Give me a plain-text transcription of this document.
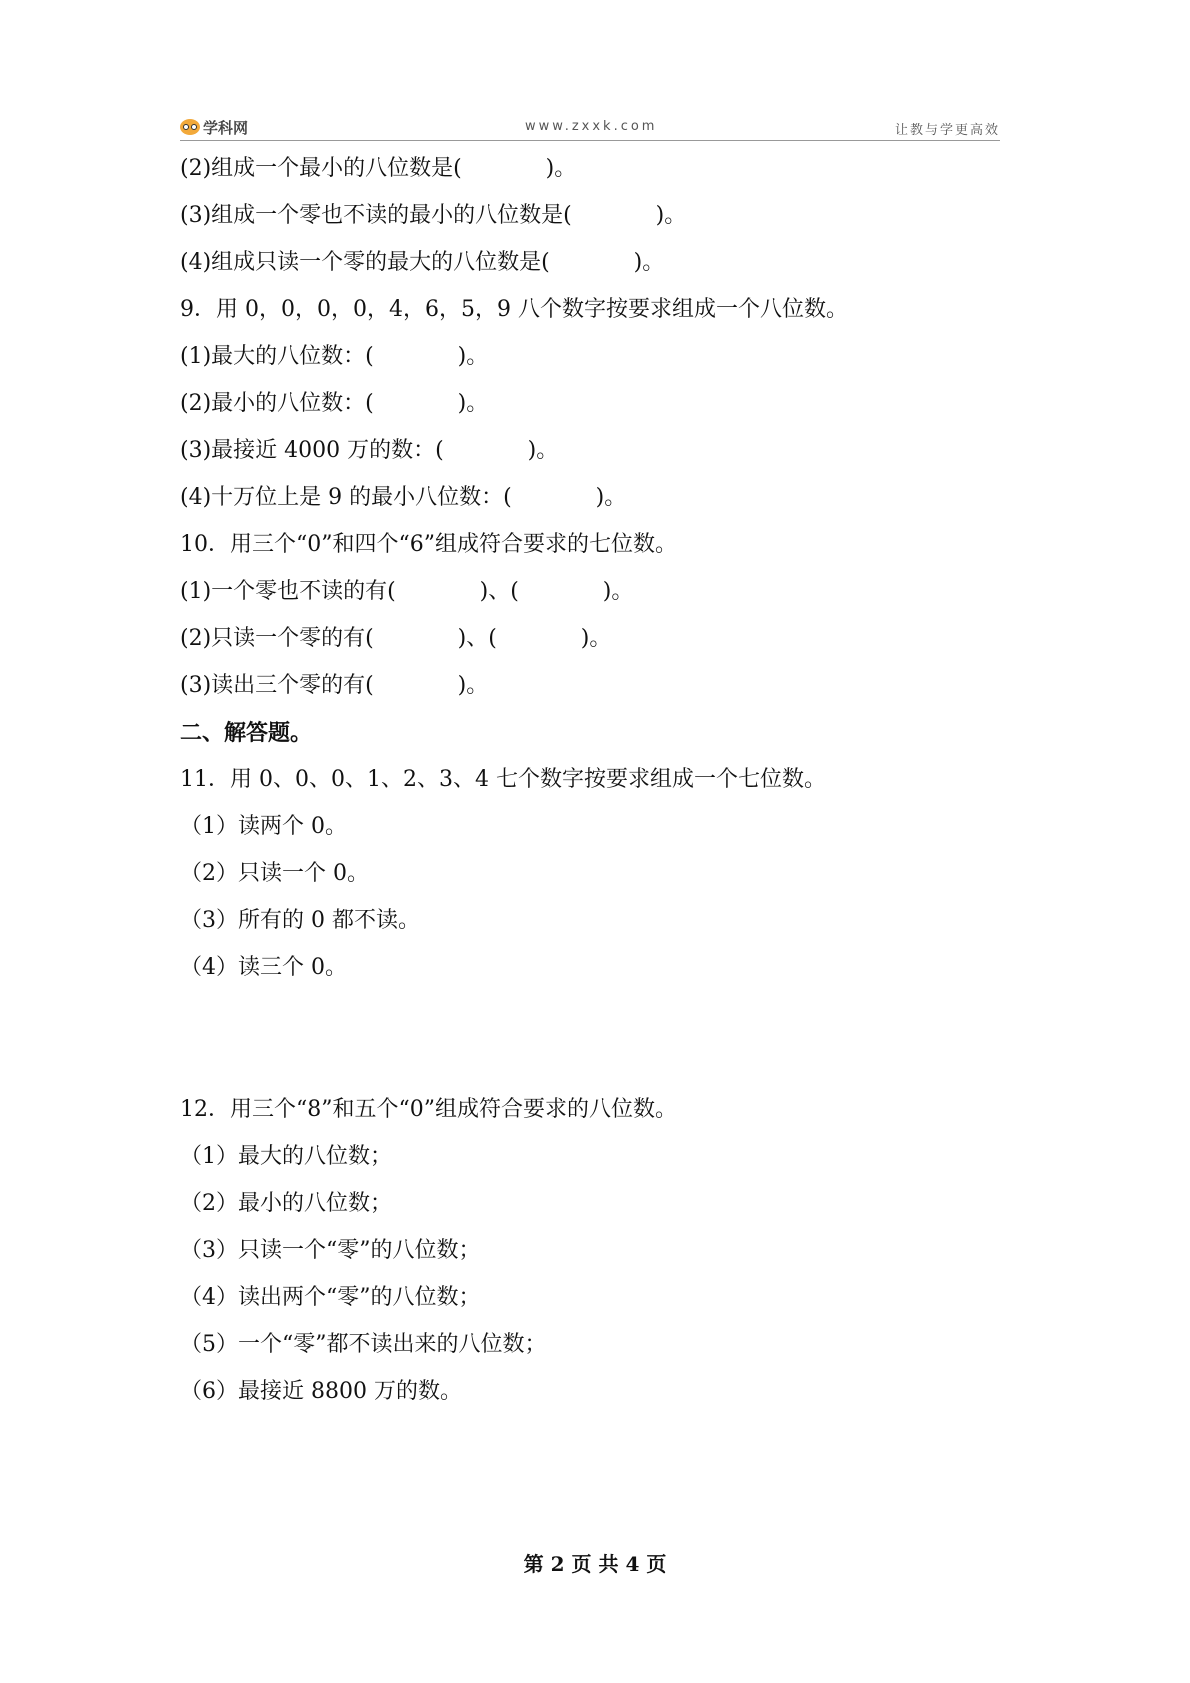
学科网	www.zxxk.com	让教与学更高效
(2)组成一个最小的八位数是(            )。
(3)组成一个零也不读的最小的八位数是(            )。
(4)组成只读一个零的最大的八位数是(            )。
9．用 0，0，0，0，4，6，5，9 八个数字按要求组成一个八位数。
(1)最大的八位数：(            )。
(2)最小的八位数：(            )。
(3)最接近 4000 万的数：(            )。
(4)十万位上是 9 的最小八位数：(            )。
10．用三个“0”和四个“6”组成符合要求的七位数。
(1)一个零也不读的有(            )、(            )。
(2)只读一个零的有(            )、(            )。
(3)读出三个零的有(            )。
二、解答题。
11．用 0、0、0、1、2、3、4 七个数字按要求组成一个七位数。
（1）读两个 0。
（2）只读一个 0。
（3）所有的 0 都不读。
（4）读三个 0。
12．用三个“8”和五个“0”组成符合要求的八位数。
（1）最大的八位数；
（2）最小的八位数；
（3）只读一个“零”的八位数；
（4）读出两个“零”的八位数；
（5）一个“零”都不读出来的八位数；
（6）最接近 8800 万的数。
第 2 页 共 4 页
